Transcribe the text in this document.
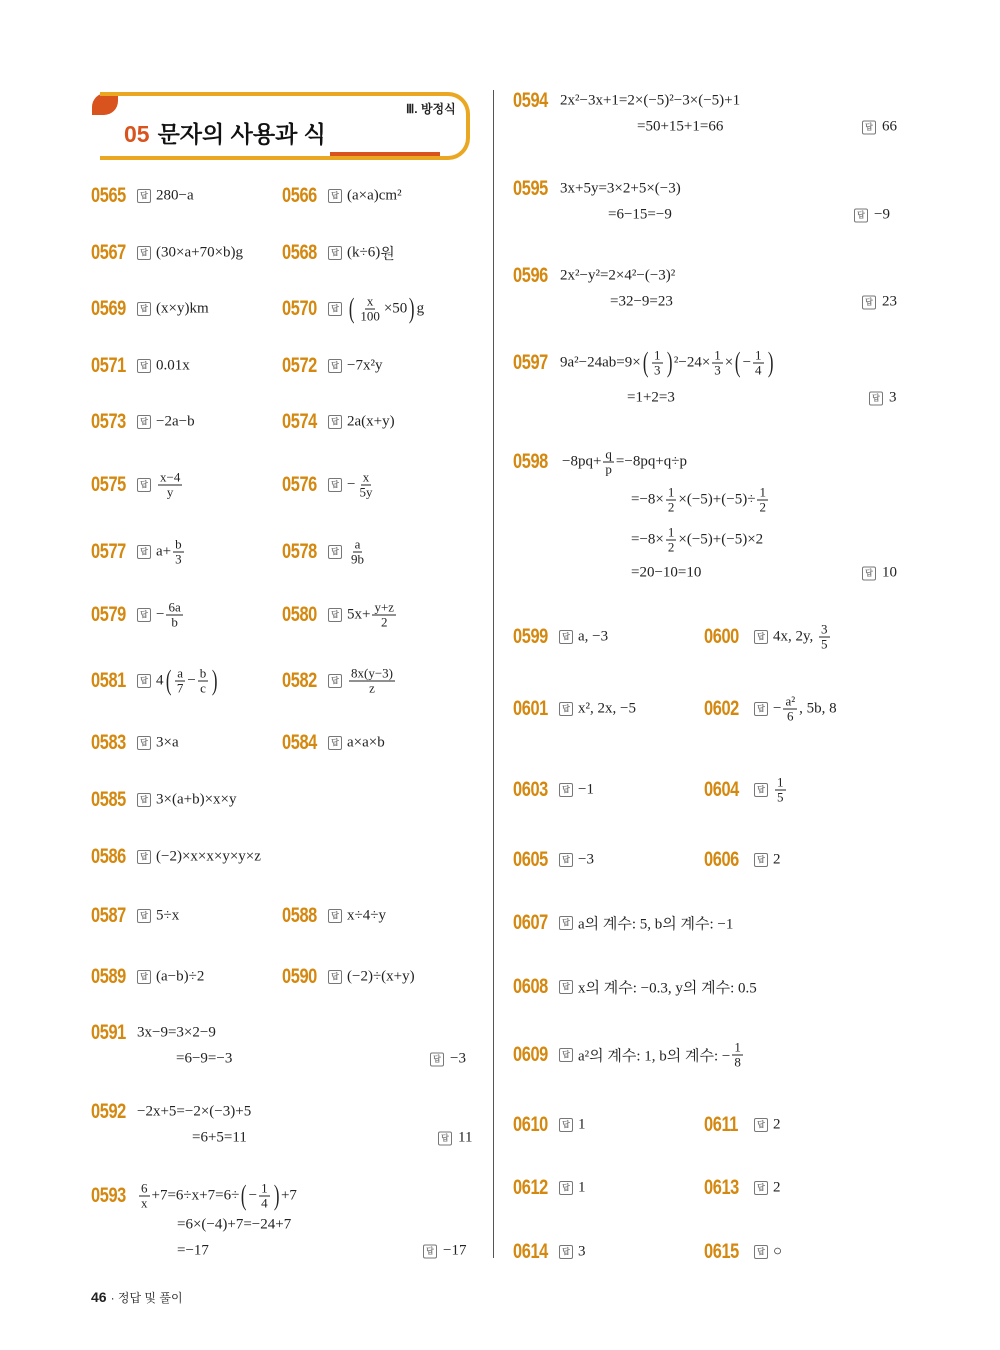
Ⅲ. 방정식
05 문자의 사용과 식
0565	답 280−a	0566	답 (a×a) cm²
0567	답 (30×a+70×b) g 0568	답 (k÷6) 원
0569	답 (x×y) km	0570	답 ( $\frac{x}{100} \times 50$ ) g
0571	답 0.01x	0572	답 −7x²y
0573	답 −2a−b	0574	답 2a(x+y)
0575	답 $\frac{x-4}{y}$	0576	답 − $\frac{x}{5y}$
0577	답 $a+ \frac{b}{3}$	0578	답 $\frac{a}{9b}$
0579	답 − $\frac{6a}{b}$	0580	답 $5x+ \frac{y+z}{2}$
0581	답 4 ( $\frac{a}{7} - \frac{b}{c}$ )	0582	답 $\frac{8x(y-3)}{z}$
0583	답 3×a	0584	답 a×a×b
0585	답 3×(a+b)×x×y
0586	답 (−2)×x×x×y×y×z
0587	답 5÷x	0588	답 x÷4÷y
0589	답 (a−b)÷2	0590	답 (−2)÷(x+y)
0599	답 a, −3	0600	답 4x, 2y, $\frac{3}{5}$
0601	답 x², 2x, −5	0602	답 − $\frac{\text{a²}}{6}$ , 5b, 8
0603	답 −1	0604	답 $\frac{1}{5}$
0605	답 −3	0606	답 2
0607	답 a의 계수: 5, b의 계수: −1
0608	답 x의 계수: −0.3, y의 계수: 0.5
0609	답 a²의 계수: 1, b의 계수: − $\frac{1}{8}$
0610	답 1	0611	답 2
0612	답 1	0613	답 2
0614	답 3	0615	답 ○
0591 3x−9=3×2−9
=6−9=−3	답 −3
0592 −2x+5=−2×(−3)+5
=6+5=11	답 11
$0593 \frac{6}{x} +7=6\div x+7=6\div$ ( − $\frac{1}{4}$ ) +7
=6×(−4)+7=−24+7
=−17	답 −17
0594 2x²−3x+1=2×(−5)²−3×(−5)+1
=50+15+1=66	답 66
0595 3x+5y=3×2+5×(−3)
=6−15=−9	답 −9
0596 2x²−y²=2×4²−(−3)²
=32−9=23	답 23
0597 9a²−24ab=9× ( $\frac{1}{3}$ ) $^2-24\times \frac{1}{3}$ × ( − $\frac{1}{4}$ )
=1+2=3	답 3
$0598 -8pq+ \frac{q}{p} =-8pq+q\div p$
$=-8\times \frac{1}{2} \times(-5)+(-5)\div \frac{1}{2}$
$=-8\times \frac{1}{2} \times(-5)+(-5)\times 2$
=20−10=10	답 10
46 · 정답 및 풀이
